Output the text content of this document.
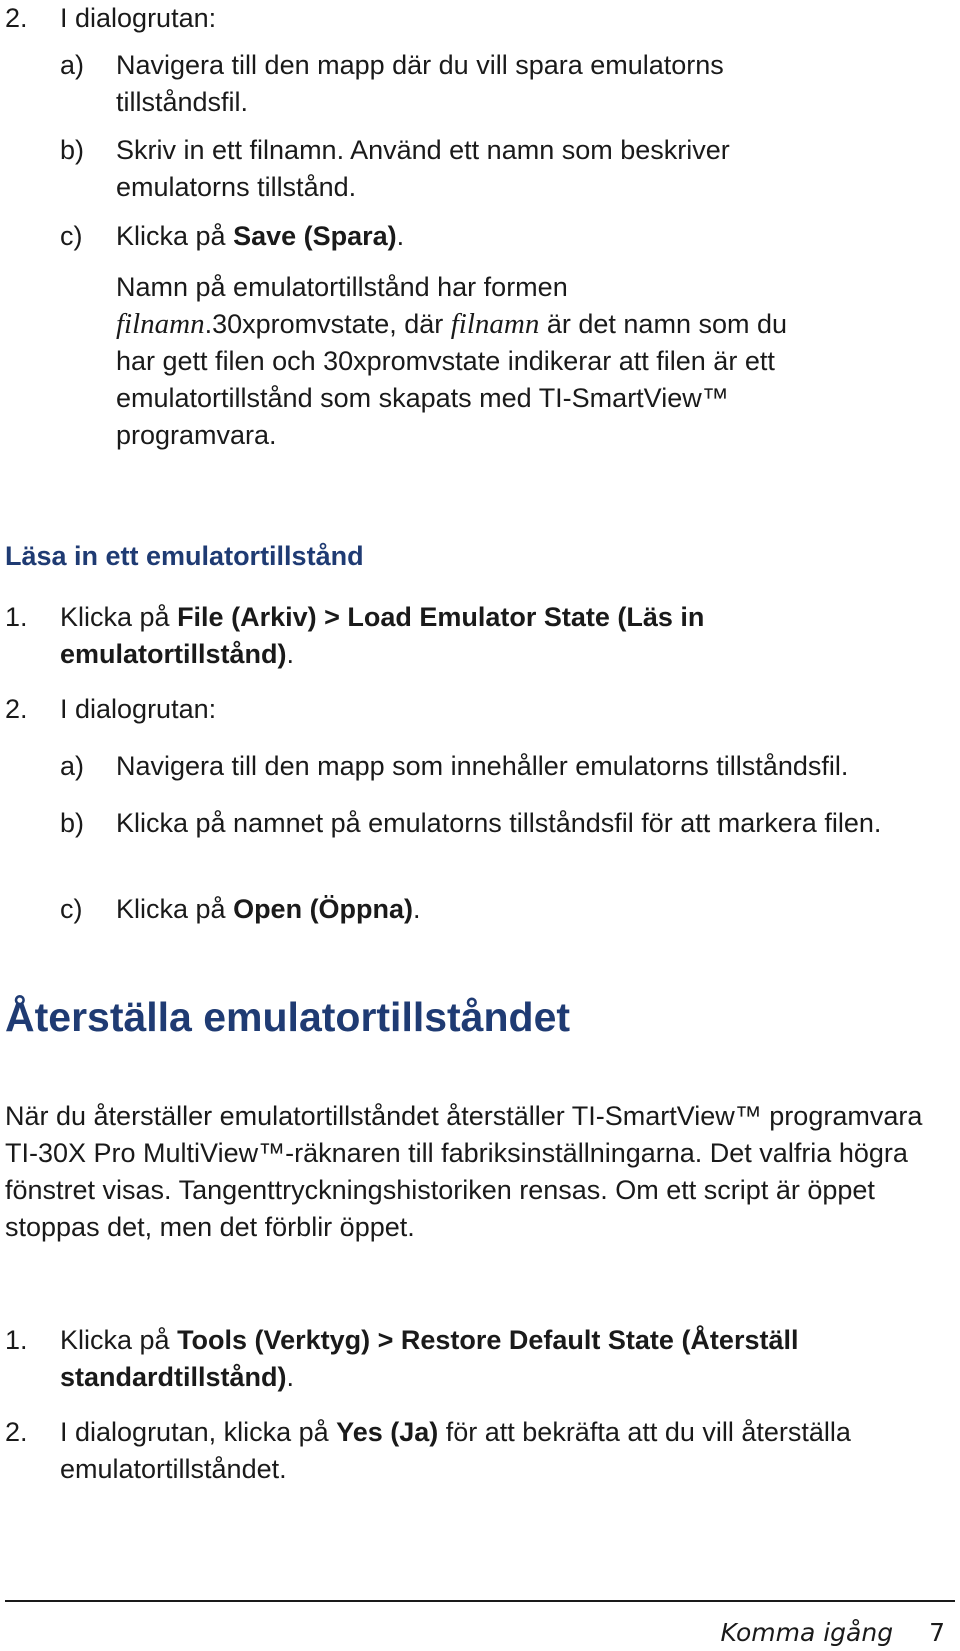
2. I dialogrutan:
a) Navigera till den mapp där du vill spara emulatorns tillståndsfil.
b) Skriv in ett filnamn. Använd ett namn som beskriver emulatorns tillstånd.
c) Klicka på Save (Spara).
Namn på emulatortillstånd har formen
filnamn.30xpromvstate, där filnamn är det namn som du har gett filen och 30xpromvstate indikerar att filen är ett emulatortillstånd som skapats med TI-SmartView™ programvara.
Läsa in ett emulatortillstånd
1. Klicka på File (Arkiv) > Load Emulator State (Läs in emulatortillstånd).
2. I dialogrutan:
a) Navigera till den mapp som innehåller emulatorns tillståndsfil.
b) Klicka på namnet på emulatorns tillståndsfil för att markera filen.
c) Klicka på Open (Öppna).
Återställa emulatortillståndet
När du återställer emulatortillståndet återställer TI-SmartView™ programvara TI-30X Pro MultiView™-räknaren till fabriksinställningarna. Det valfria högra fönstret visas. Tangenttryckningshistoriken rensas. Om ett script är öppet stoppas det, men det förblir öppet.
1. Klicka på Tools (Verktyg) > Restore Default State (Återställ standardtillstånd).
2. I dialogrutan, klicka på Yes (Ja) för att bekräfta att du vill återställa emulatortillståndet.
Komma igång 7
